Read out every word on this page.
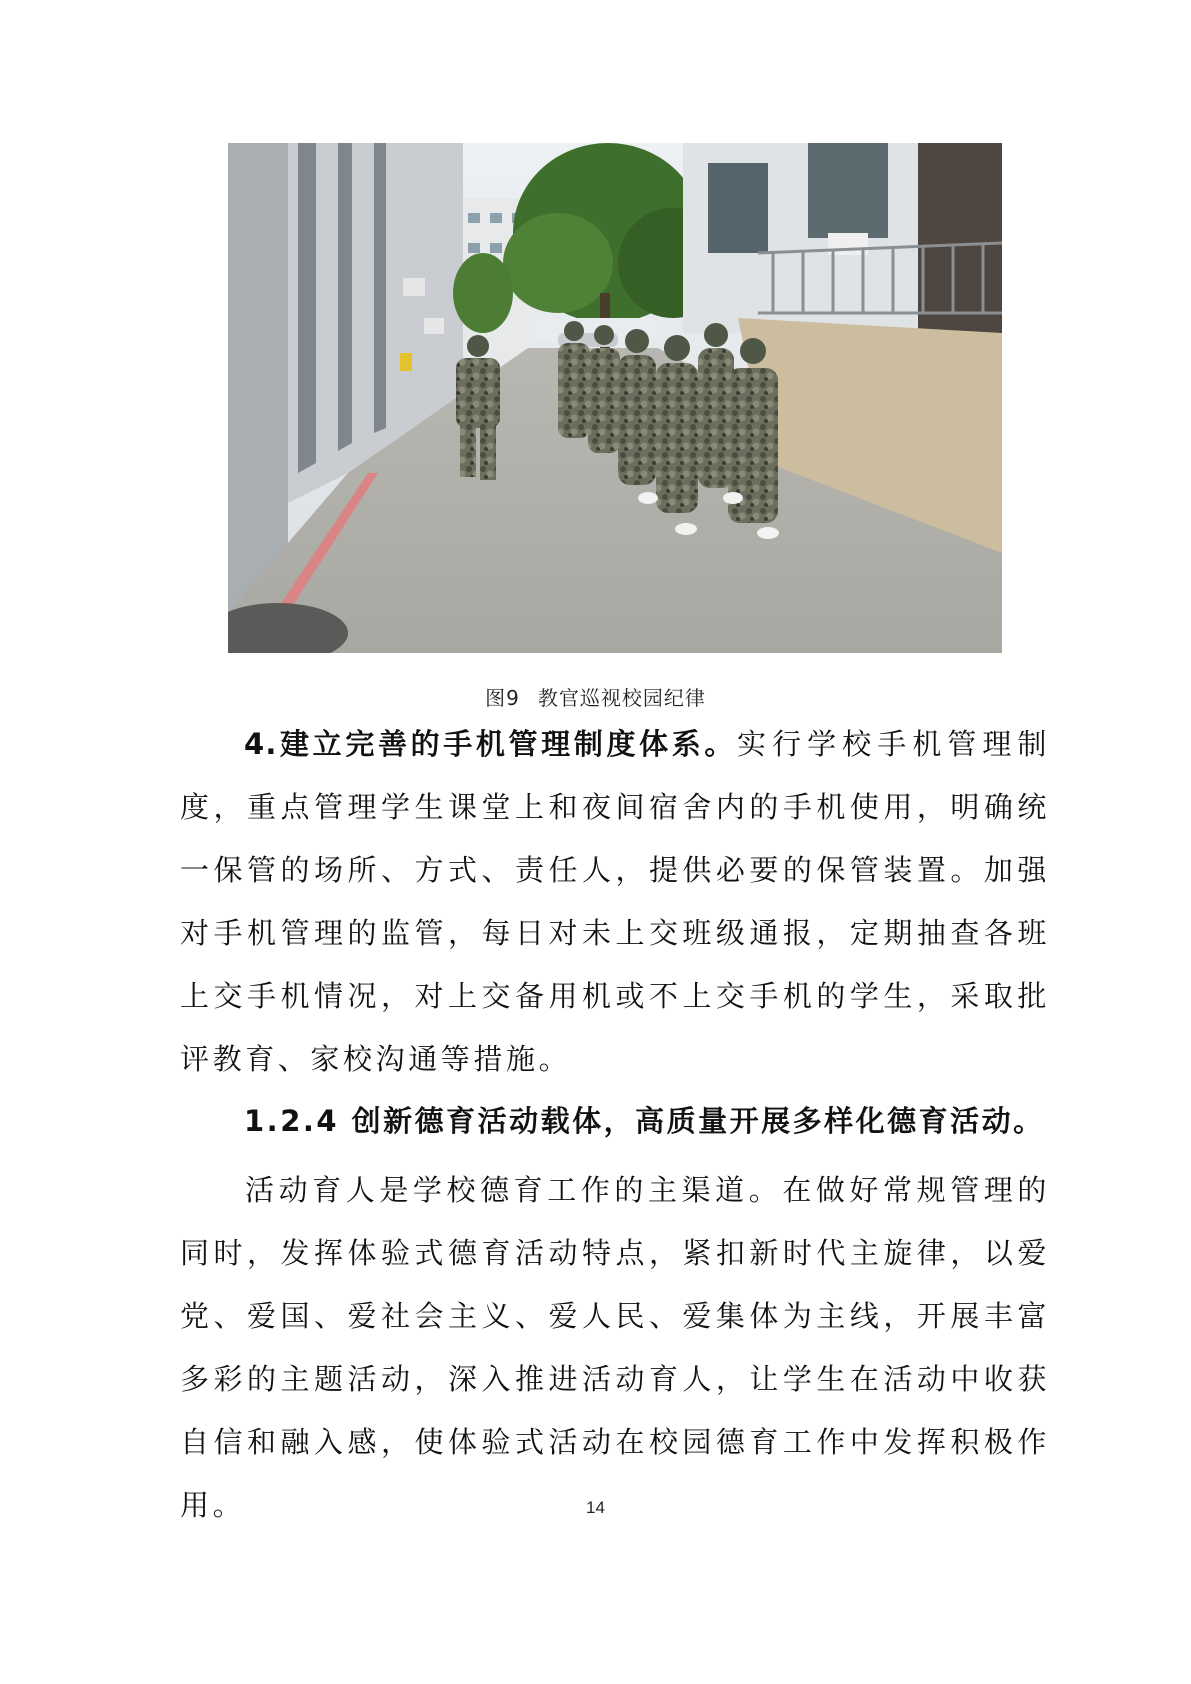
图9 教官巡视校园纪律

4.建立完善的手机管理制度体系。实行学校手机管理制度，重点管理学生课堂上和夜间宿舍内的手机使用，明确统一保管的场所、方式、责任人，提供必要的保管装置。加强对手机管理的监管，每日对未上交班级通报，定期抽查各班上交手机情况，对上交备用机或不上交手机的学生，采取批评教育、家校沟通等措施。

1.2.4 创新德育活动载体，高质量开展多样化德育活动。

活动育人是学校德育工作的主渠道。在做好常规管理的同时，发挥体验式德育活动特点，紧扣新时代主旋律，以爱党、爱国、爱社会主义、爱人民、爱集体为主线，开展丰富多彩的主题活动，深入推进活动育人，让学生在活动中收获自信和融入感，使体验式活动在校园德育工作中发挥积极作用。	14
